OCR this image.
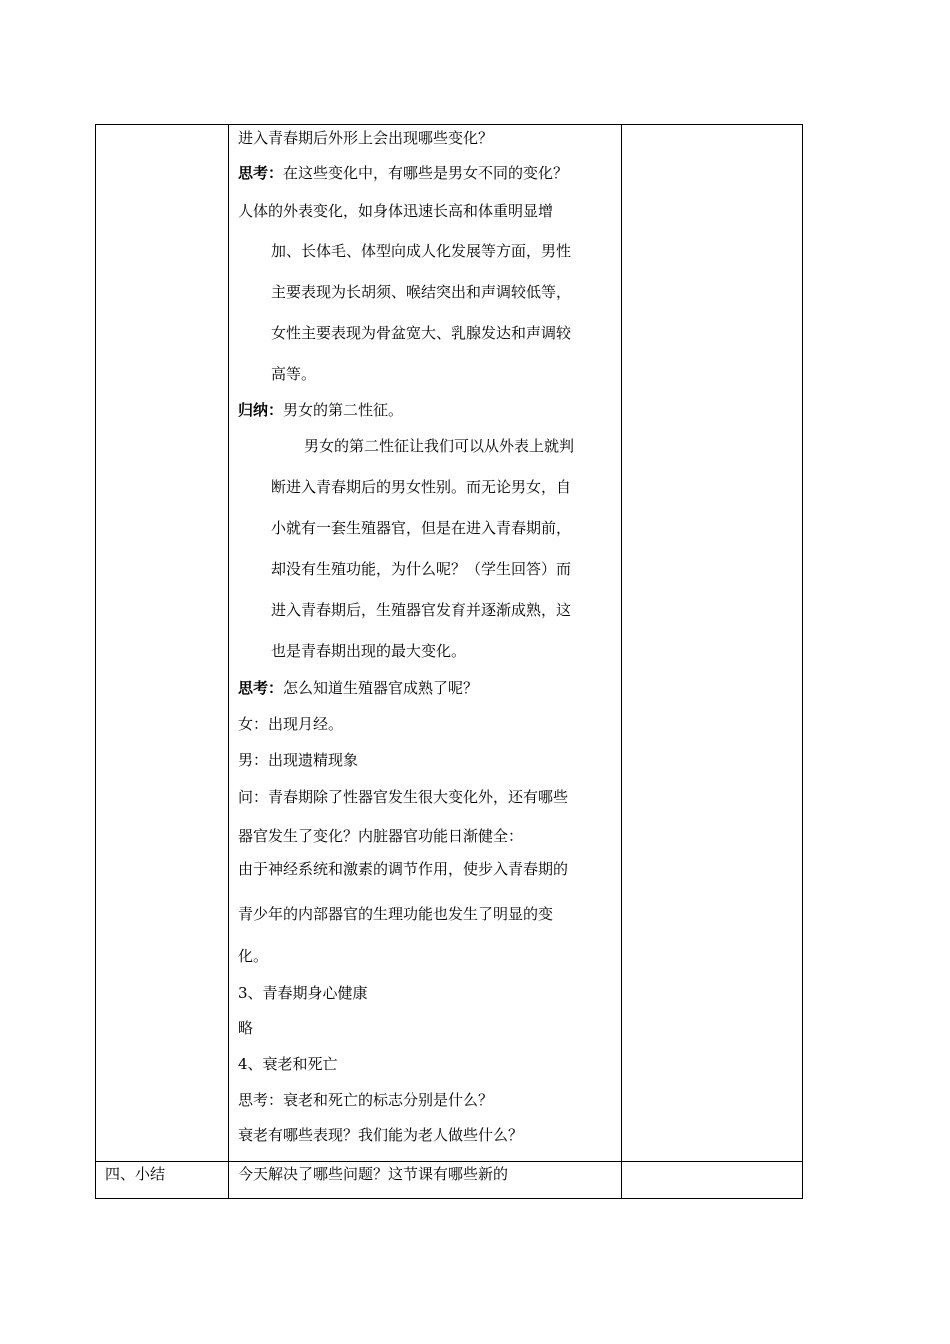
进入青春期后外形上会出现哪些变化？
思考：在这些变化中，有哪些是男女不同的变化？
人体的外表变化，如身体迅速长高和体重明显增
加、长体毛、体型向成人化发展等方面，男性
主要表现为长胡须、喉结突出和声调较低等，
女性主要表现为骨盆宽大、乳腺发达和声调较
高等。
归纳：男女的第二性征。
男女的第二性征让我们可以从外表上就判
断进入青春期后的男女性别。而无论男女，自
小就有一套生殖器官，但是在进入青春期前，
却没有生殖功能，为什么呢？（学生回答）而
进入青春期后，生殖器官发育并逐渐成熟，这
也是青春期出现的最大变化。
思考：怎么知道生殖器官成熟了呢？
女：出现月经。
男：出现遗精现象
问：青春期除了性器官发生很大变化外，还有哪些
器官发生了变化？内脏器官功能日渐健全：
由于神经系统和激素的调节作用，使步入青春期的
青少年的内部器官的生理功能也发生了明显的变
化。
3、青春期身心健康
略
4、衰老和死亡
思考：衰老和死亡的标志分别是什么？
衰老有哪些表现？我们能为老人做些什么？
四、小结	今天解决了哪些问题？这节课有哪些新的
